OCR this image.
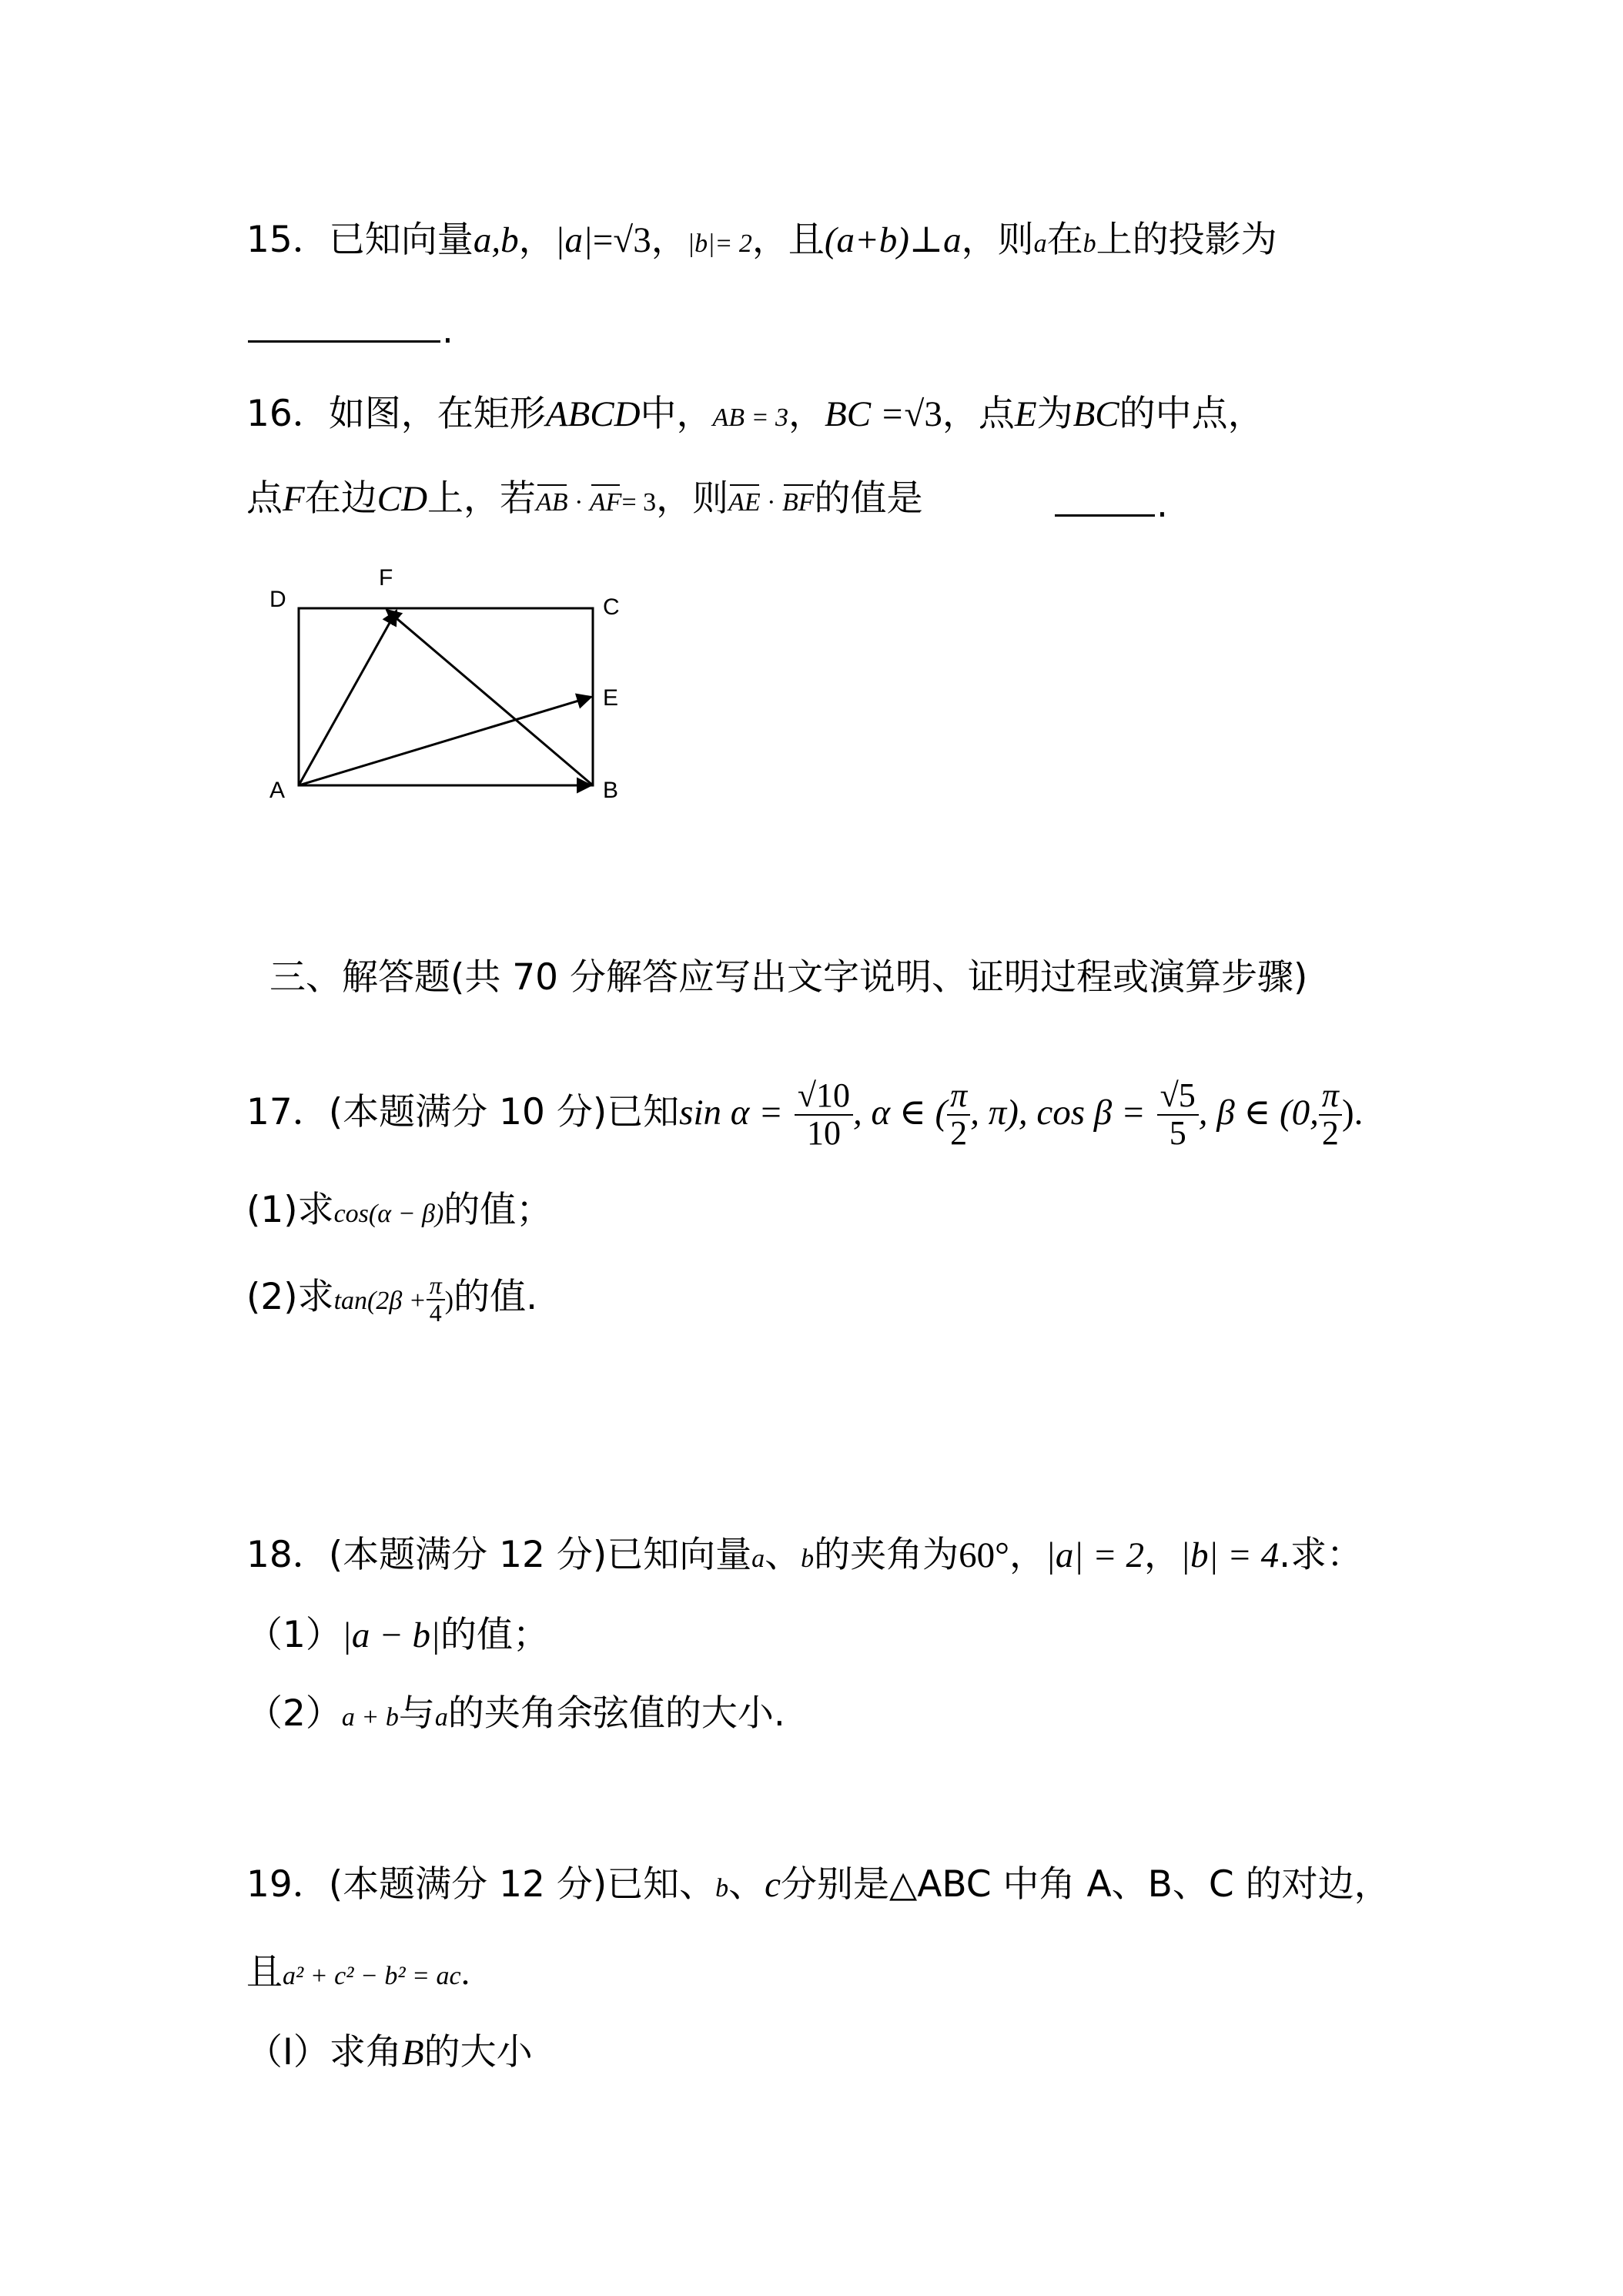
15．已知向量a,b，|a|=√3，|b|= 2，且(a+b)⊥a，则a在b上的投影为
.
16．如图，在矩形ABCD中，AB = 3，BC =√3，点E为BC的中点，
点F在边CD上，若AB · AF= 3，则AE · BF的值是	.
D
F
C
E
A	B
三、解答题(共 70 分解答应写出文字说明、证明过程或演算步骤)
17．(本题满分 10 分)已知$\sin \alpha = \frac{√10}{10}$ , α ∈ ( $\frac{\pi}{2}$ , π), $\cos \beta = \frac{√5}{5}$ , β ∈ (0, $\frac{\pi}{2}$ ).
(1)求cos(α − β)的值；
(2)求$\tan(2\beta + \frac{\pi}{4}$ )的值.
18．(本题满分 12 分)已知向量a、b的夹角为60°，|a| = 2，|b| = 4.求：
（1）|a − b|的值；
（2）a + b与a的夹角余弦值的大小.
19．(本题满分 12 分)已知、b、c分别是△ABC 中角 A、B、C 的对边，
且a² + c² − b² = ac.
（I）求角B的大小
